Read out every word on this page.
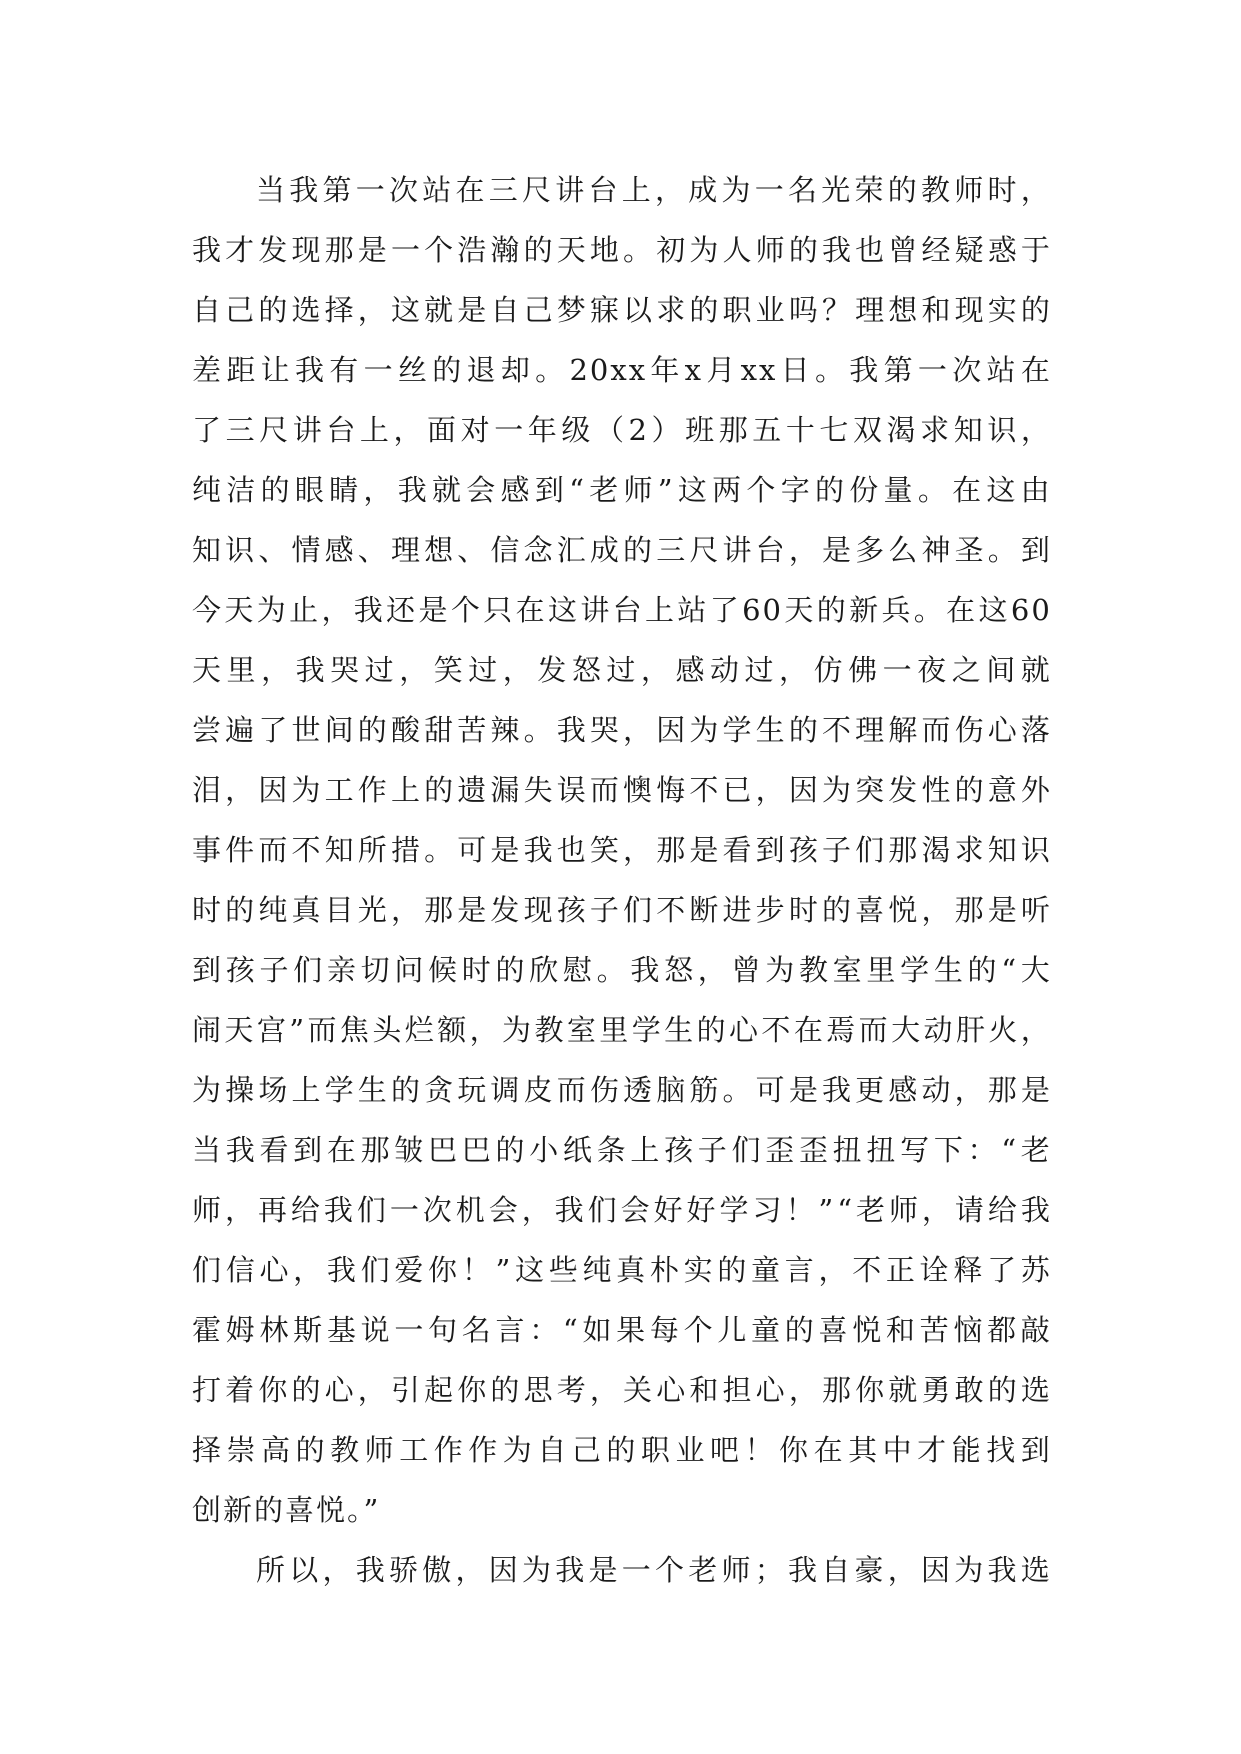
当 我 第 一 次 站 在 三 尺 讲 台 上 ， 成 为 一 名 光 荣 的 教 师 时 ，
我 才 发 现 那 是 一 个 浩 瀚 的 天 地 。 初 为 人 师 的 我 也 曾 经 疑 惑 于
自 己 的 选 择 ， 这 就 是 自 己 梦 寐 以 求 的 职 业 吗 ？ 理 想 和 现 实 的
差 距 让 我 有 一 丝 的 退 却 。 20xx 年 x 月 xx 日 。 我 第 一 次 站 在
了 三 尺 讲 台 上 ， 面 对 一 年 级 （ 2 ） 班 那 五 十 七 双 渴 求 知 识 ，
纯 洁 的 眼 睛 ， 我 就 会 感 到 “ 老 师 ” 这 两 个 字 的 份 量 。 在 这 由
知 识 、 情 感 、 理 想 、 信 念 汇 成 的 三 尺 讲 台 ， 是 多 么 神 圣 。 到
今 天 为 止 ， 我 还 是 个 只 在 这 讲 台 上 站 了 60 天 的 新 兵 。 在 这 60
天 里 ， 我 哭 过 ， 笑 过 ， 发 怒 过 ， 感 动 过 ， 仿 佛 一 夜 之 间 就
尝 遍 了 世 间 的 酸 甜 苦 辣 。 我 哭 ， 因 为 学 生 的 不 理 解 而 伤 心 落
泪 ， 因 为 工 作 上 的 遗 漏 失 误 而 懊 悔 不 已 ， 因 为 突 发 性 的 意 外
事 件 而 不 知 所 措 。 可 是 我 也 笑 ， 那 是 看 到 孩 子 们 那 渴 求 知 识
时 的 纯 真 目 光 ， 那 是 发 现 孩 子 们 不 断 进 步 时 的 喜 悦 ， 那 是 听
到 孩 子 们 亲 切 问 候 时 的 欣 慰 。 我 怒 ， 曾 为 教 室 里 学 生 的 “ 大
闹 天 宫 ” 而 焦 头 烂 额 ， 为 教 室 里 学 生 的 心 不 在 焉 而 大 动 肝 火 ，
为 操 场 上 学 生 的 贪 玩 调 皮 而 伤 透 脑 筋 。 可 是 我 更 感 动 ， 那 是
当 我 看 到 在 那 皱 巴 巴 的 小 纸 条 上 孩 子 们 歪 歪 扭 扭 写 下 ： “ 老
师 ， 再 给 我 们 一 次 机 会 ， 我 们 会 好 好 学 习 ！ ” “ 老 师 ， 请 给 我
们 信 心 ， 我 们 爱 你 ！ ” 这 些 纯 真 朴 实 的 童 言 ， 不 正 诠 释 了 苏
霍 姆 林 斯 基 说 一 句 名 言 ： “ 如 果 每 个 儿 童 的 喜 悦 和 苦 恼 都 敲
打 着 你 的 心 ， 引 起 你 的 思 考 ， 关 心 和 担 心 ， 那 你 就 勇 敢 的 选
择 崇 高 的 教 师 工 作 作 为 自 己 的 职 业 吧 ！ 你 在 其 中 才 能 找 到
创新的喜悦。”
所 以 ， 我 骄 傲 ， 因 为 我 是 一 个 老 师 ； 我 自 豪 ， 因 为 我 选
